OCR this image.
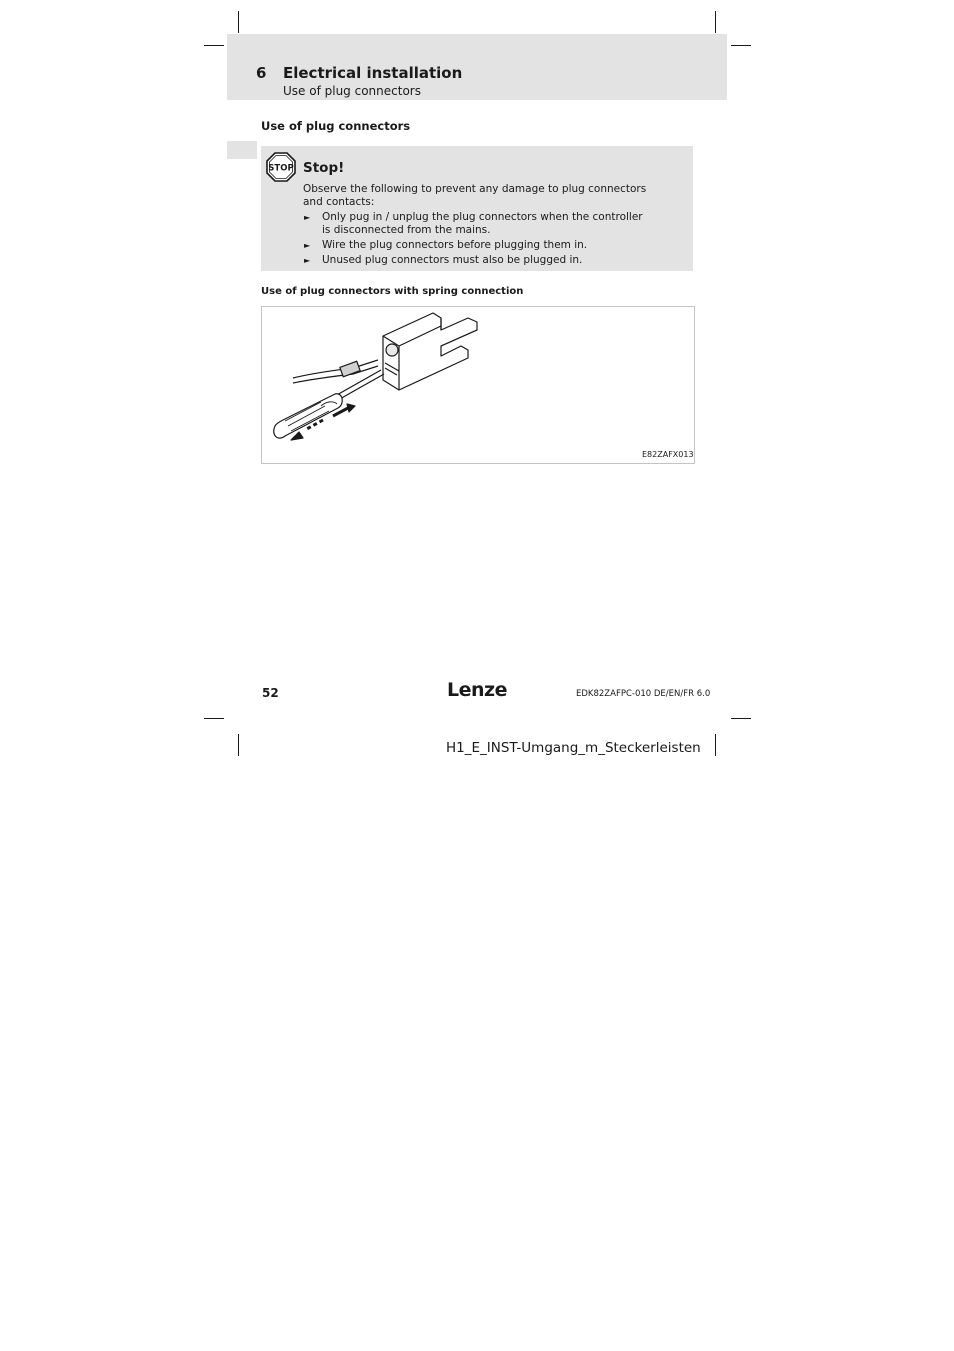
6 Electrical installation
Use of plug connectors
Use of plug connectors
STOP Stop!
Observe the following to prevent any damage to plug connectors and contacts:
► Only pug in / unplug the plug connectors when the controller is disconnected from the mains.
► Wire the plug connectors before plugging them in.
► Unused plug connectors must also be plugged in.
Use of plug connectors with spring connection
E82ZAFX013
52	Lenze	EDK82ZAFPC-010 DE/EN/FR 6.0
H1_E_INST-Umgang_m_Steckerleisten
